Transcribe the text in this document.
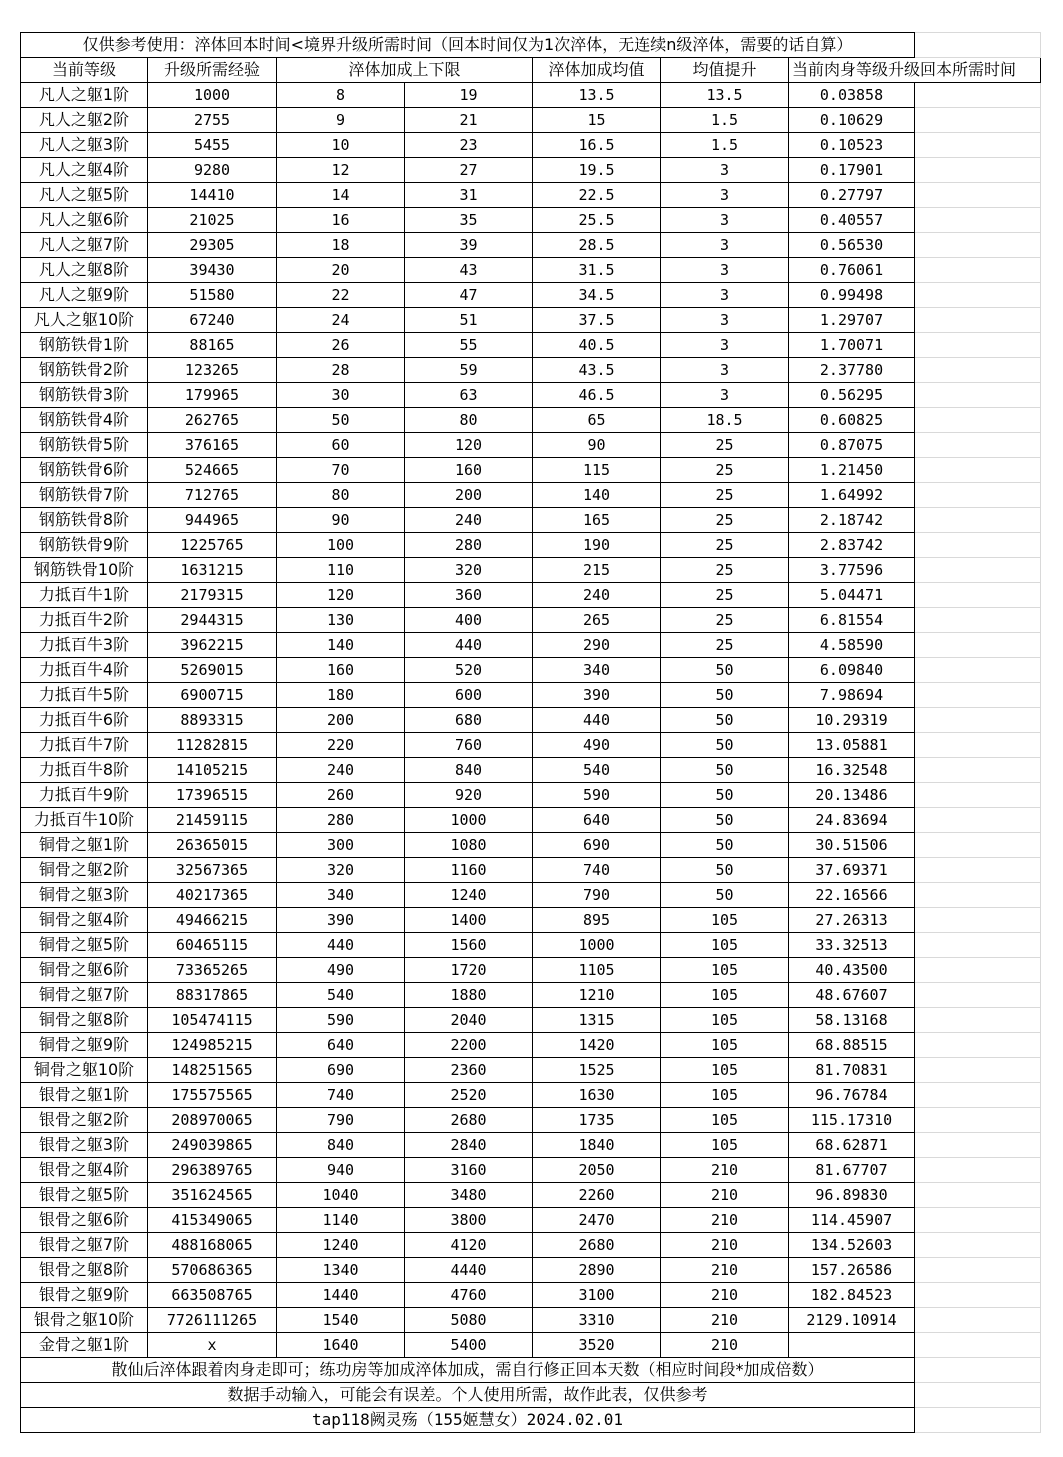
仅供参考使用：淬体回本时间<境界升级所需时间（回本时间仅为1次淬体，无连续n级淬体，需要的话自算）							
当前等级	升级所需经验	淬体加成上下限		淬体加成均值	均值提升	当前肉身等级升级回本所需时间	
凡人之躯1阶	1000	8	19	13.5	13.5	0.03858	
凡人之躯2阶	2755	9	21	15	1.5	0.10629	
凡人之躯3阶	5455	10	23	16.5	1.5	0.10523	
凡人之躯4阶	9280	12	27	19.5	3	0.17901	
凡人之躯5阶	14410	14	31	22.5	3	0.27797	
凡人之躯6阶	21025	16	35	25.5	3	0.40557	
凡人之躯7阶	29305	18	39	28.5	3	0.56530	
凡人之躯8阶	39430	20	43	31.5	3	0.76061	
凡人之躯9阶	51580	22	47	34.5	3	0.99498	
凡人之躯10阶	67240	24	51	37.5	3	1.29707	
钢筋铁骨1阶	88165	26	55	40.5	3	1.70071	
钢筋铁骨2阶	123265	28	59	43.5	3	2.37780	
钢筋铁骨3阶	179965	30	63	46.5	3	0.56295	
钢筋铁骨4阶	262765	50	80	65	18.5	0.60825	
钢筋铁骨5阶	376165	60	120	90	25	0.87075	
钢筋铁骨6阶	524665	70	160	115	25	1.21450	
钢筋铁骨7阶	712765	80	200	140	25	1.64992	
钢筋铁骨8阶	944965	90	240	165	25	2.18742	
钢筋铁骨9阶	1225765	100	280	190	25	2.83742	
钢筋铁骨10阶	1631215	110	320	215	25	3.77596	
力抵百牛1阶	2179315	120	360	240	25	5.04471	
力抵百牛2阶	2944315	130	400	265	25	6.81554	
力抵百牛3阶	3962215	140	440	290	25	4.58590	
力抵百牛4阶	5269015	160	520	340	50	6.09840	
力抵百牛5阶	6900715	180	600	390	50	7.98694	
力抵百牛6阶	8893315	200	680	440	50	10.29319	
力抵百牛7阶	11282815	220	760	490	50	13.05881	
力抵百牛8阶	14105215	240	840	540	50	16.32548	
力抵百牛9阶	17396515	260	920	590	50	20.13486	
力抵百牛10阶	21459115	280	1000	640	50	24.83694	
铜骨之躯1阶	26365015	300	1080	690	50	30.51506	
铜骨之躯2阶	32567365	320	1160	740	50	37.69371	
铜骨之躯3阶	40217365	340	1240	790	50	22.16566	
铜骨之躯4阶	49466215	390	1400	895	105	27.26313	
铜骨之躯5阶	60465115	440	1560	1000	105	33.32513	
铜骨之躯6阶	73365265	490	1720	1105	105	40.43500	
铜骨之躯7阶	88317865	540	1880	1210	105	48.67607	
铜骨之躯8阶	105474115	590	2040	1315	105	58.13168	
铜骨之躯9阶	124985215	640	2200	1420	105	68.88515	
铜骨之躯10阶	148251565	690	2360	1525	105	81.70831	
银骨之躯1阶	175575565	740	2520	1630	105	96.76784	
银骨之躯2阶	208970065	790	2680	1735	105	115.17310	
银骨之躯3阶	249039865	840	2840	1840	105	68.62871	
银骨之躯4阶	296389765	940	3160	2050	210	81.67707	
银骨之躯5阶	351624565	1040	3480	2260	210	96.89830	
银骨之躯6阶	415349065	1140	3800	2470	210	114.45907	
银骨之躯7阶	488168065	1240	4120	2680	210	134.52603	
银骨之躯8阶	570686365	1340	4440	2890	210	157.26586	
银骨之躯9阶	663508765	1440	4760	3100	210	182.84523	
银骨之躯10阶	7726111265	1540	5080	3310	210	2129.10914	
金骨之躯1阶	x	1640	5400	3520	210		
散仙后淬体跟着肉身走即可；练功房等加成淬体加成，需自行修正回本天数（相应时间段*加成倍数）							
数据手动输入，可能会有误差。个人使用所需，故作此表，仅供参考							
tap118阙灵殇（155姬慧女）2024.02.01							
